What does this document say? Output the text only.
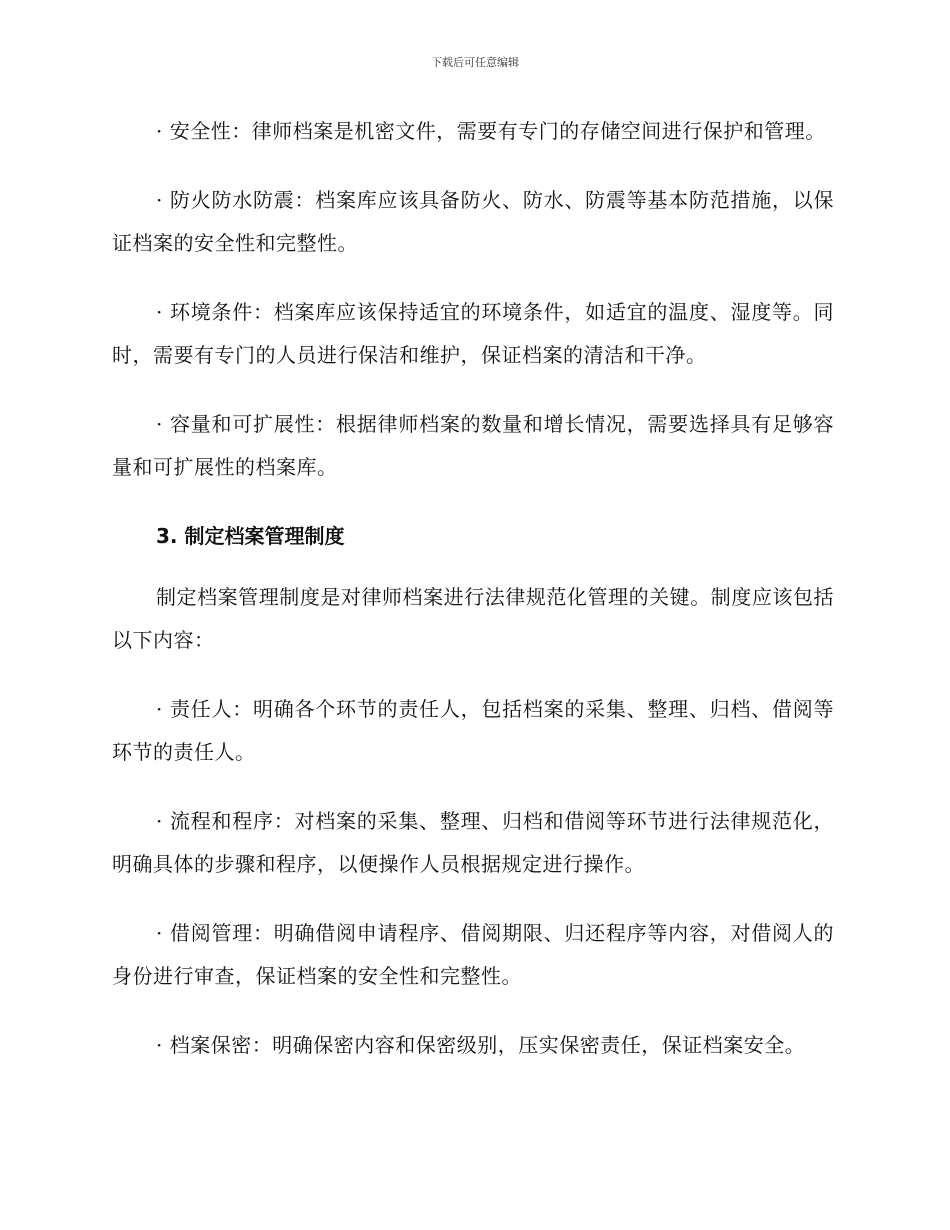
下载后可任意编辑

· 安全性：律师档案是机密文件，需要有专门的存储空间进行保护和管理。

· 防火防水防震：档案库应该具备防火、防水、防震等基本防范措施，以保证档案的安全性和完整性。

· 环境条件：档案库应该保持适宜的环境条件，如适宜的温度、湿度等。同时，需要有专门的人员进行保洁和维护，保证档案的清洁和干净。

· 容量和可扩展性：根据律师档案的数量和增长情况，需要选择具有足够容量和可扩展性的档案库。

3. 制定档案管理制度

制定档案管理制度是对律师档案进行法律规范化管理的关键。制度应该包括以下内容：

· 责任人：明确各个环节的责任人，包括档案的采集、整理、归档、借阅等环节的责任人。

· 流程和程序：对档案的采集、整理、归档和借阅等环节进行法律规范化，明确具体的步骤和程序，以便操作人员根据规定进行操作。

· 借阅管理：明确借阅申请程序、借阅期限、归还程序等内容，对借阅人的身份进行审查，保证档案的安全性和完整性。

· 档案保密：明确保密内容和保密级别，压实保密责任，保证档案安全。
